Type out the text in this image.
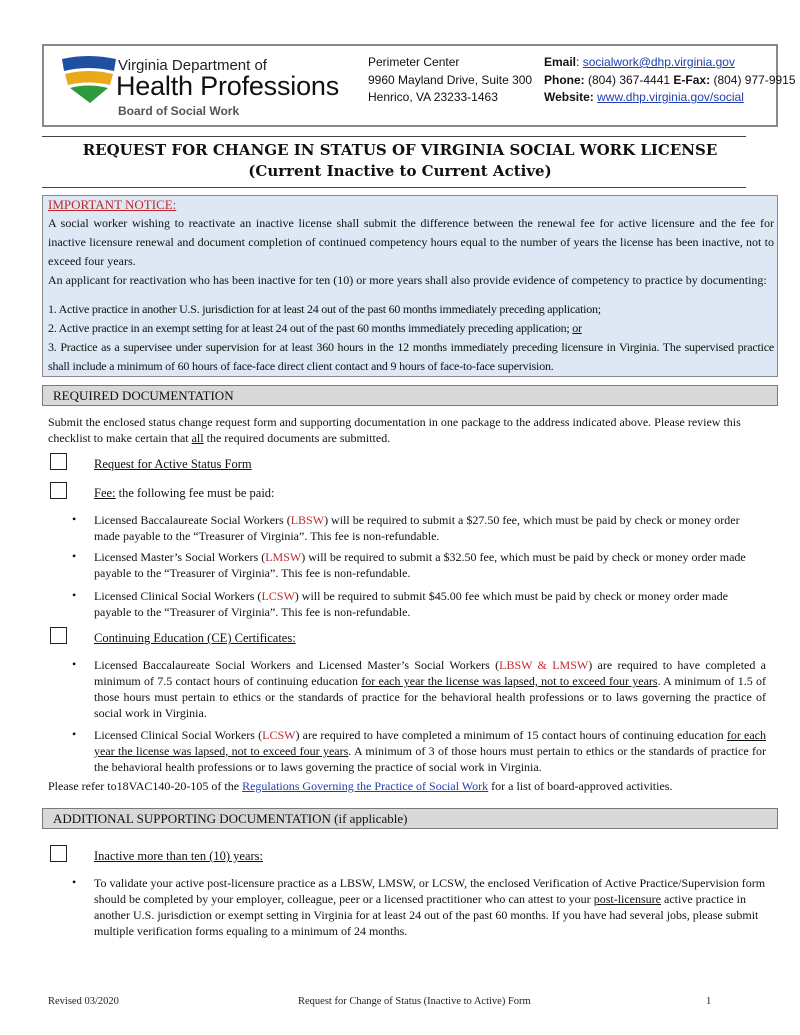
Virginia Department of
Health Professions
Board of Social Work
Perimeter Center
9960 Mayland Drive, Suite 300
Henrico, VA 23233-1463
Email: socialwork@dhp.virginia.gov
Phone: (804) 367-4441 E-Fax: (804) 977-9915
Website: www.dhp.virginia.gov/social
REQUEST FOR CHANGE IN STATUS OF VIRGINIA SOCIAL WORK LICENSE
(Current Inactive to Current Active)
IMPORTANT NOTICE:
A social worker wishing to reactivate an inactive license shall submit the difference between the renewal fee for active licensure and the fee for inactive licensure renewal and document completion of continued competency hours equal to the number of years the license has been inactive, not to exceed four years.
An applicant for reactivation who has been inactive for ten (10) or more years shall also provide evidence of competency to practice by documenting:
1. Active practice in another U.S. jurisdiction for at least 24 out of the past 60 months immediately preceding application;
2. Active practice in an exempt setting for at least 24 out of the past 60 months immediately preceding application; or
3. Practice as a supervisee under supervision for at least 360 hours in the 12 months immediately preceding licensure in Virginia. The supervised practice shall include a minimum of 60 hours of face-face direct client contact and 9 hours of face-to-face supervision.
REQUIRED DOCUMENTATION
Submit the enclosed status change request form and supporting documentation in one package to the address indicated above. Please review this checklist to make certain that all the required documents are submitted.
Request for Active Status Form
Fee: the following fee must be paid:
• Licensed Baccalaureate Social Workers (LBSW) will be required to submit a $27.50 fee, which must be paid by check or money order made payable to the “Treasurer of Virginia”. This fee is non-refundable.
• Licensed Master’s Social Workers (LMSW) will be required to submit a $32.50 fee, which must be paid by check or money order made payable to the “Treasurer of Virginia”. This fee is non-refundable.
• Licensed Clinical Social Workers (LCSW) will be required to submit $45.00 fee which must be paid by check or money order made payable to the “Treasurer of Virginia”. This fee is non-refundable.
Continuing Education (CE) Certificates:
• Licensed Baccalaureate Social Workers and Licensed Master’s Social Workers (LBSW & LMSW) are required to have completed a minimum of 7.5 contact hours of continuing education for each year the license was lapsed, not to exceed four years. A minimum of 1.5 of those hours must pertain to ethics or the standards of practice for the behavioral health professions or to laws governing the practice of social work in Virginia.
• Licensed Clinical Social Workers (LCSW) are required to have completed a minimum of 15 contact hours of continuing education for each year the license was lapsed, not to exceed four years. A minimum of 3 of those hours must pertain to ethics or the standards of practice for the behavioral health professions or to laws governing the practice of social work in Virginia.
Please refer to18VAC140-20-105 of the Regulations Governing the Practice of Social Work for a list of board-approved activities.
ADDITIONAL SUPPORTING DOCUMENTATION (if applicable)
Inactive more than ten (10) years:
• To validate your active post-licensure practice as a LBSW, LMSW, or LCSW, the enclosed Verification of Active Practice/Supervision form should be completed by your employer, colleague, peer or a licensed practitioner who can attest to your post-licensure active practice in another U.S. jurisdiction or exempt setting in Virginia for at least 24 out of the past 60 months. If you have had several jobs, please submit multiple verification forms equaling to a minimum of 24 months.
Revised 03/2020	Request for Change of Status (Inactive to Active) Form	1
